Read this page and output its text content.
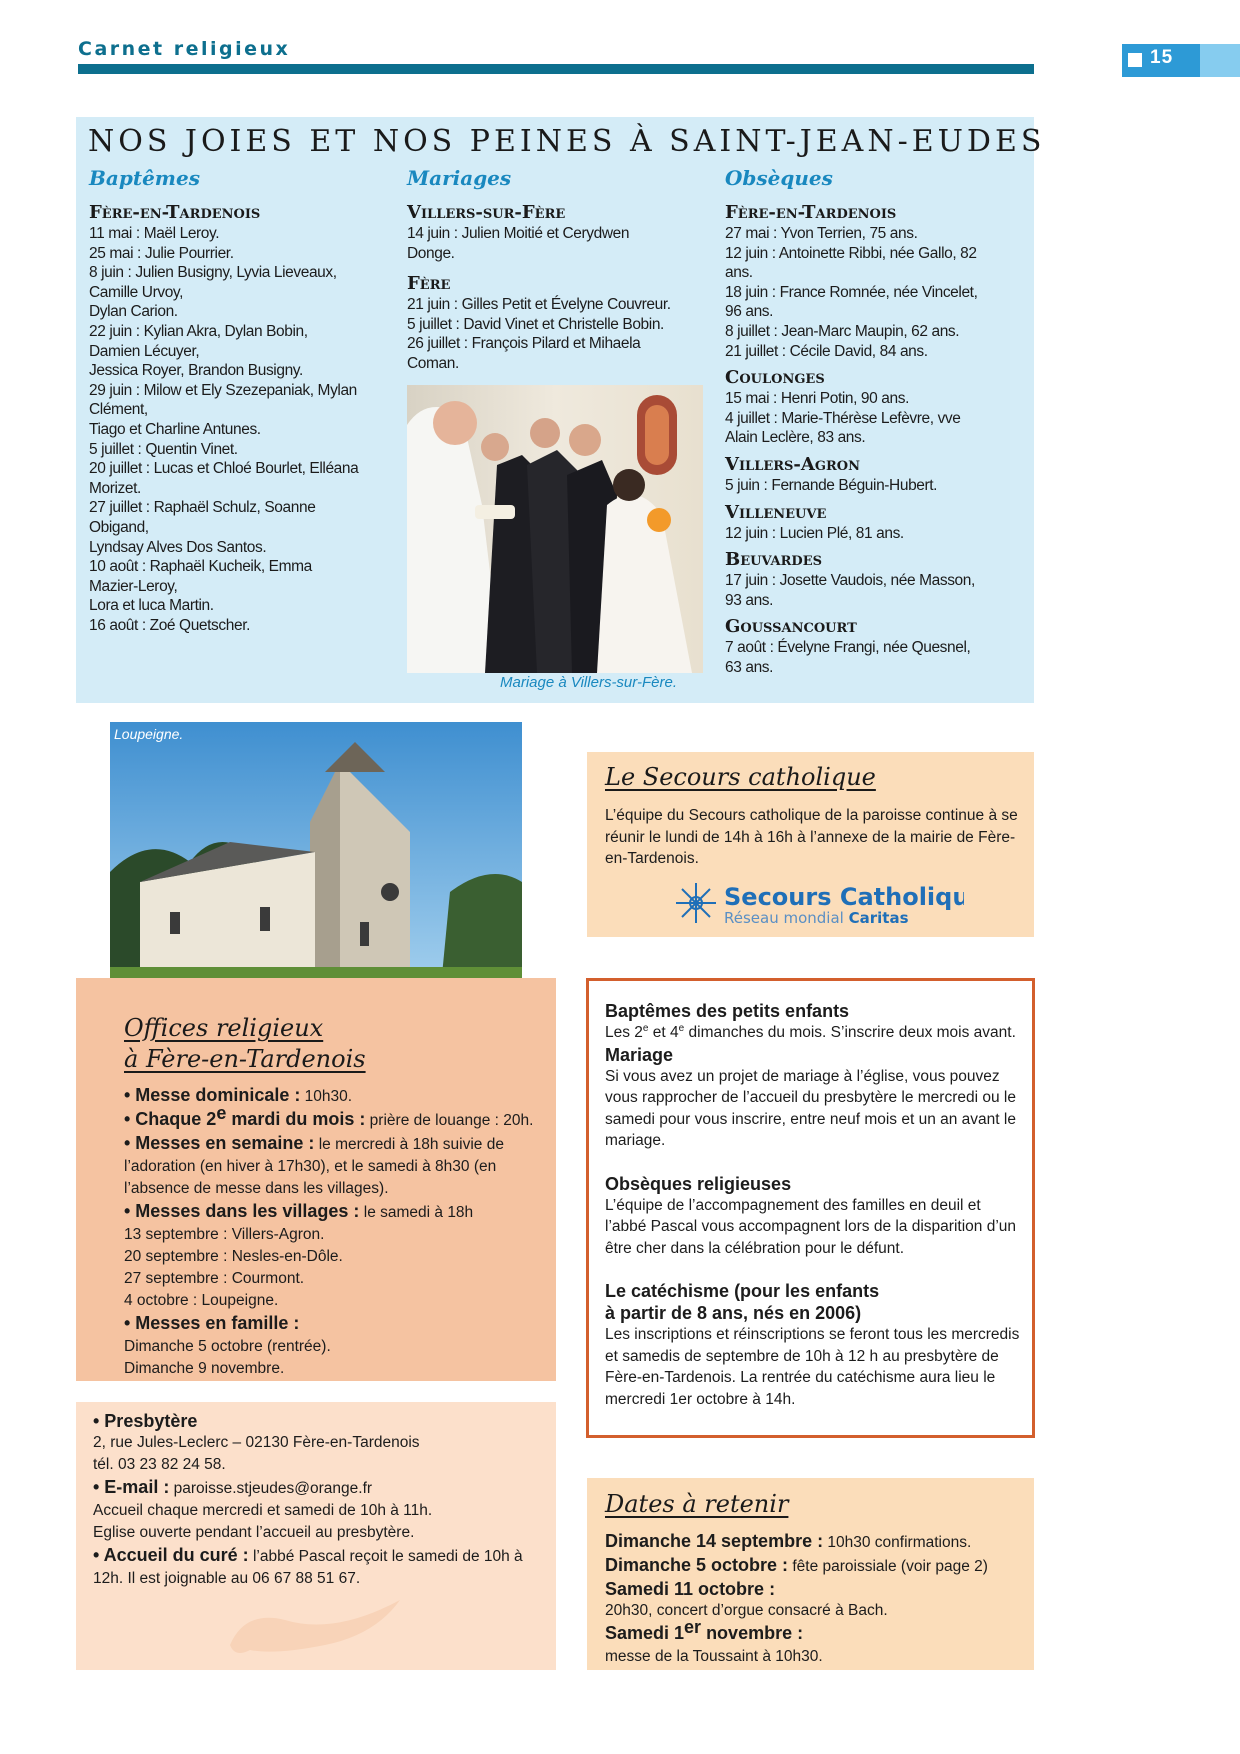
Carnet religieux	15
NOS JOIES ET NOS PEINES À SAINT-JEAN-EUDES
Baptêmes
Fère-en-Tardenois
11 mai : Maël Leroy.
25 mai : Julie Pourrier.
8 juin : Julien Busigny, Lyvia Lieveaux,
Camille Urvoy,
Dylan Carion.
22 juin : Kylian Akra, Dylan Bobin,
Damien Lécuyer,
Jessica Royer, Brandon Busigny.
29 juin : Milow et Ely Szezepaniak, Mylan
Clément,
Tiago et Charline Antunes.
5 juillet : Quentin Vinet.
20 juillet : Lucas et Chloé Bourlet, Elléana
Morizet.
27 juillet : Raphaël Schulz, Soanne
Obigand,
Lyndsay Alves Dos Santos.
10 août : Raphaël Kucheik, Emma
Mazier-Leroy,
Lora et luca Martin.
16 août : Zoé Quetscher.
Mariages
Villers-sur-Fère
14 juin : Julien Moitié et Cerydwen
Donge.
Fère
21 juin : Gilles Petit et Évelyne Couvreur.
5 juillet : David Vinet et Christelle Bobin.
26 juillet : François Pilard et Mihaela
Coman.
Obsèques
Fère-en-Tardenois
27 mai : Yvon Terrien, 75 ans.
12 juin : Antoinette Ribbi, née Gallo, 82
ans.
18 juin : France Romnée, née Vincelet,
96 ans.
8 juillet : Jean-Marc Maupin, 62 ans.
21 juillet : Cécile David, 84 ans.
Coulonges
15 mai : Henri Potin, 90 ans.
4 juillet : Marie-Thérèse Lefèvre, vve
Alain Leclère, 83 ans.
Villers-Agron
5 juin : Fernande Béguin-Hubert.
Villeneuve
12 juin : Lucien Plé, 81 ans.
Beuvardes
17 juin : Josette Vaudois, née Masson,
93 ans.
Goussancourt
7 août : Évelyne Frangi, née Quesnel,
63 ans.
Mariage à Villers-sur-Fère.
Loupeigne.
Le Secours catholique
L’équipe du Secours catholique de la paroisse continue à se réunir le lundi de 14h à 16h à l’annexe de la mairie de Fère-en-Tardenois.
Secours Catholique
Réseau mondial Caritas
Offices religieux
à Fère-en-Tardenois
• Messe dominicale : 10h30.
• Chaque 2e mardi du mois : prière de louange : 20h.
• Messes en semaine : le mercredi à 18h suivie de l’adoration (en hiver à 17h30), et le samedi à 8h30 (en l’absence de messe dans les villages).
• Messes dans les villages : le samedi à 18h
13 septembre : Villers-Agron.
20 septembre : Nesles-en-Dôle.
27 septembre : Courmont.
4 octobre : Loupeigne.
• Messes en famille :
Dimanche 5 octobre (rentrée).
Dimanche 9 novembre.
• Presbytère
2, rue Jules-Leclerc – 02130 Fère-en-Tardenois
tél. 03 23 82 24 58.
• E-mail : paroisse.stjeudes@orange.fr
Accueil chaque mercredi et samedi de 10h à 11h.
Eglise ouverte pendant l’accueil au presbytère.
• Accueil du curé : l’abbé Pascal reçoit le samedi de 10h à 12h. Il est joignable au 06 67 88 51 67.
Baptêmes des petits enfants
Les 2e et 4e dimanches du mois. S’inscrire deux mois avant.
Mariage
Si vous avez un projet de mariage à l’église, vous pouvez vous rapprocher de l’accueil du presbytère le mercredi ou le samedi pour vous inscrire, entre neuf mois et un an avant le mariage.
Obsèques religieuses
L’équipe de l’accompagnement des familles en deuil et l’abbé Pascal vous accompagnent lors de la disparition d’un être cher dans la célébration pour le défunt.
Le catéchisme (pour les enfants
à partir de 8 ans, nés en 2006)
Les inscriptions et réinscriptions se feront tous les mercredis et samedis de septembre de 10h à 12 h au presbytère de Fère-en-Tardenois. La rentrée du catéchisme aura lieu le mercredi 1er octobre à 14h.
Dates à retenir
Dimanche 14 septembre : 10h30 confirmations.
Dimanche 5 octobre : fête paroissiale (voir page 2)
Samedi 11 octobre :
20h30, concert d’orgue consacré à Bach.
Samedi 1er novembre :
messe de la Toussaint à 10h30.
